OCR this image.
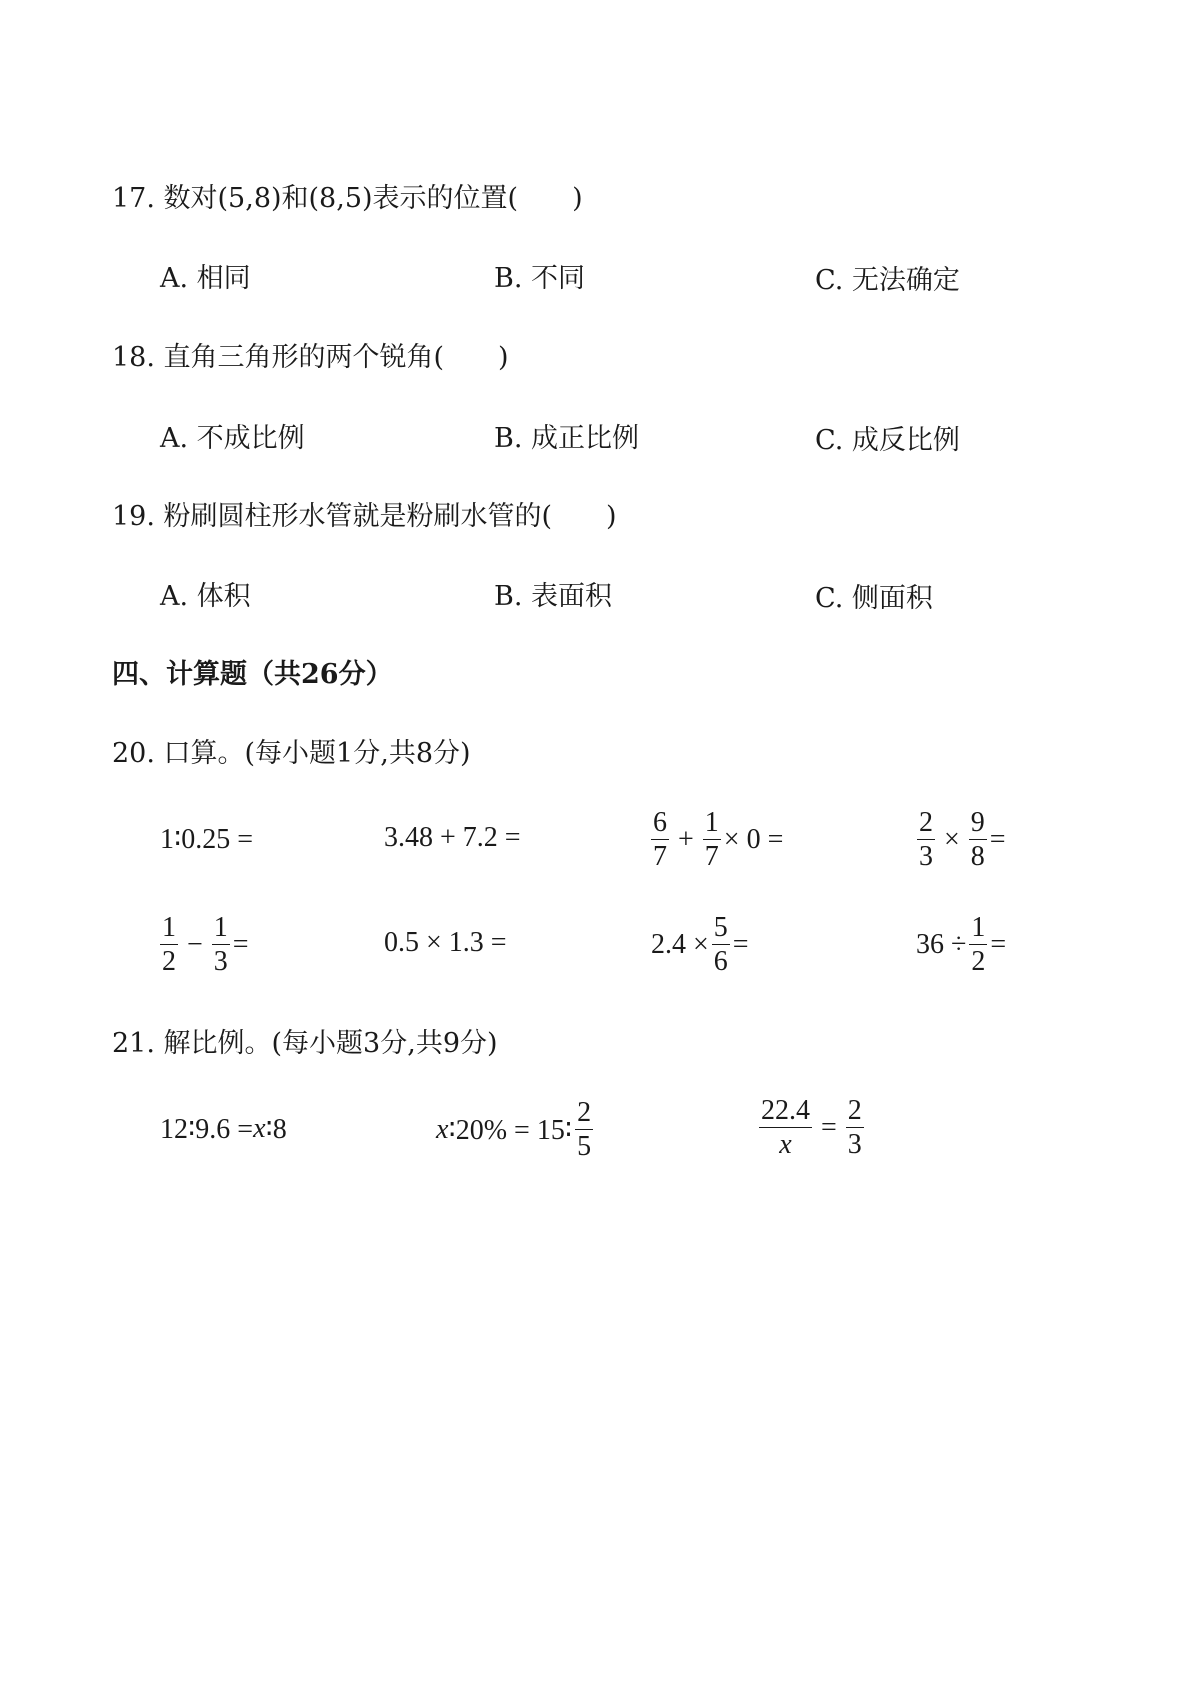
17. 数对(5,8)和(8,5)表示的位置(　　)
A. 相同	B. 不同	C. 无法确定
18. 直角三角形的两个锐角(　　)
A. 不成比例	B. 成正比例	C. 成反比例
19. 粉刷圆柱形水管就是粉刷水管的(　　)
A. 体积	B. 表面积	C. 侧面积
四、计算题（共26分）
20. 口算。(每小题1分,共8分)
1∶0.25 =	3.48 + 7.2 =	$\frac{6}{7} + \frac{1}{7} \times 0$ =	$\frac{2}{3} \times \frac{9}{8}$ =
$\frac{1}{2} - \frac{1}{3}$ =	0.5 × 1.3 =	$2.4 \times \frac{5}{6}$ =	$36 \div \frac{1}{2}$ =
21. 解比例。(每小题3分,共9分)
12∶9.6 = x ∶8	x ∶20% = 15∶ $\frac{2}{5}$	$\frac{22.4}{x} = \frac{2}{3}$
